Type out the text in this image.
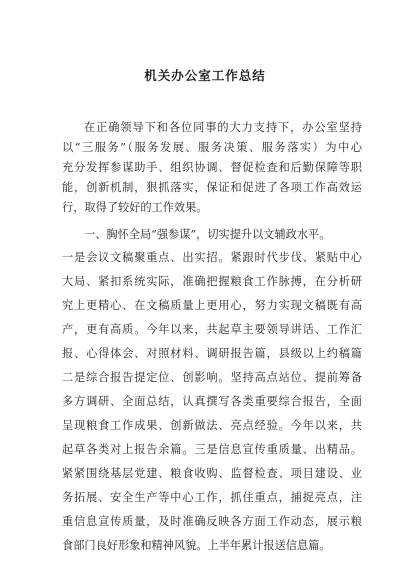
机关办公室工作总结
在正确领导下和各位同事的大力支持下，办公室坚持
以“三服务”（服务发展、服务决策、服务落实）为中心
充分发挥参谋助手、组织协调、督促检查和后勤保障等职
能，创新机制，狠抓落实，保证和促进了各项工作高效运
行，取得了较好的工作效果。
一、胸怀全局“强参谋”，切实提升以文辅政水平。
一是会议文稿聚重点、出实招。紧跟时代步伐、紧贴中心
大局、紧扣系统实际，准确把握粮食工作脉搏，在分析研
究上更精心、在文稿质量上更用心，努力实现文稿既有高
产，更有高质。今年以来，共起草主要领导讲话、工作汇
报、心得体会、对照材料、调研报告篇，县级以上约稿篇
二是综合报告提定位、创影响。坚持高点站位、提前筹备
多方调研、全面总结，认真撰写各类重要综合报告，全面
呈现粮食工作成果、创新做法、亮点经验。今年以来，共
起草各类对上报告余篇。三是信息宣传重质量、出精品。
紧紧围绕基层党建、粮食收购、监督检查、项目建设、业
务拓展、安全生产等中心工作，抓住重点，捕捉亮点，注
重信息宣传质量，及时准确反映各方面工作动态，展示粮
食部门良好形象和精神风貌。上半年累计报送信息篇。
